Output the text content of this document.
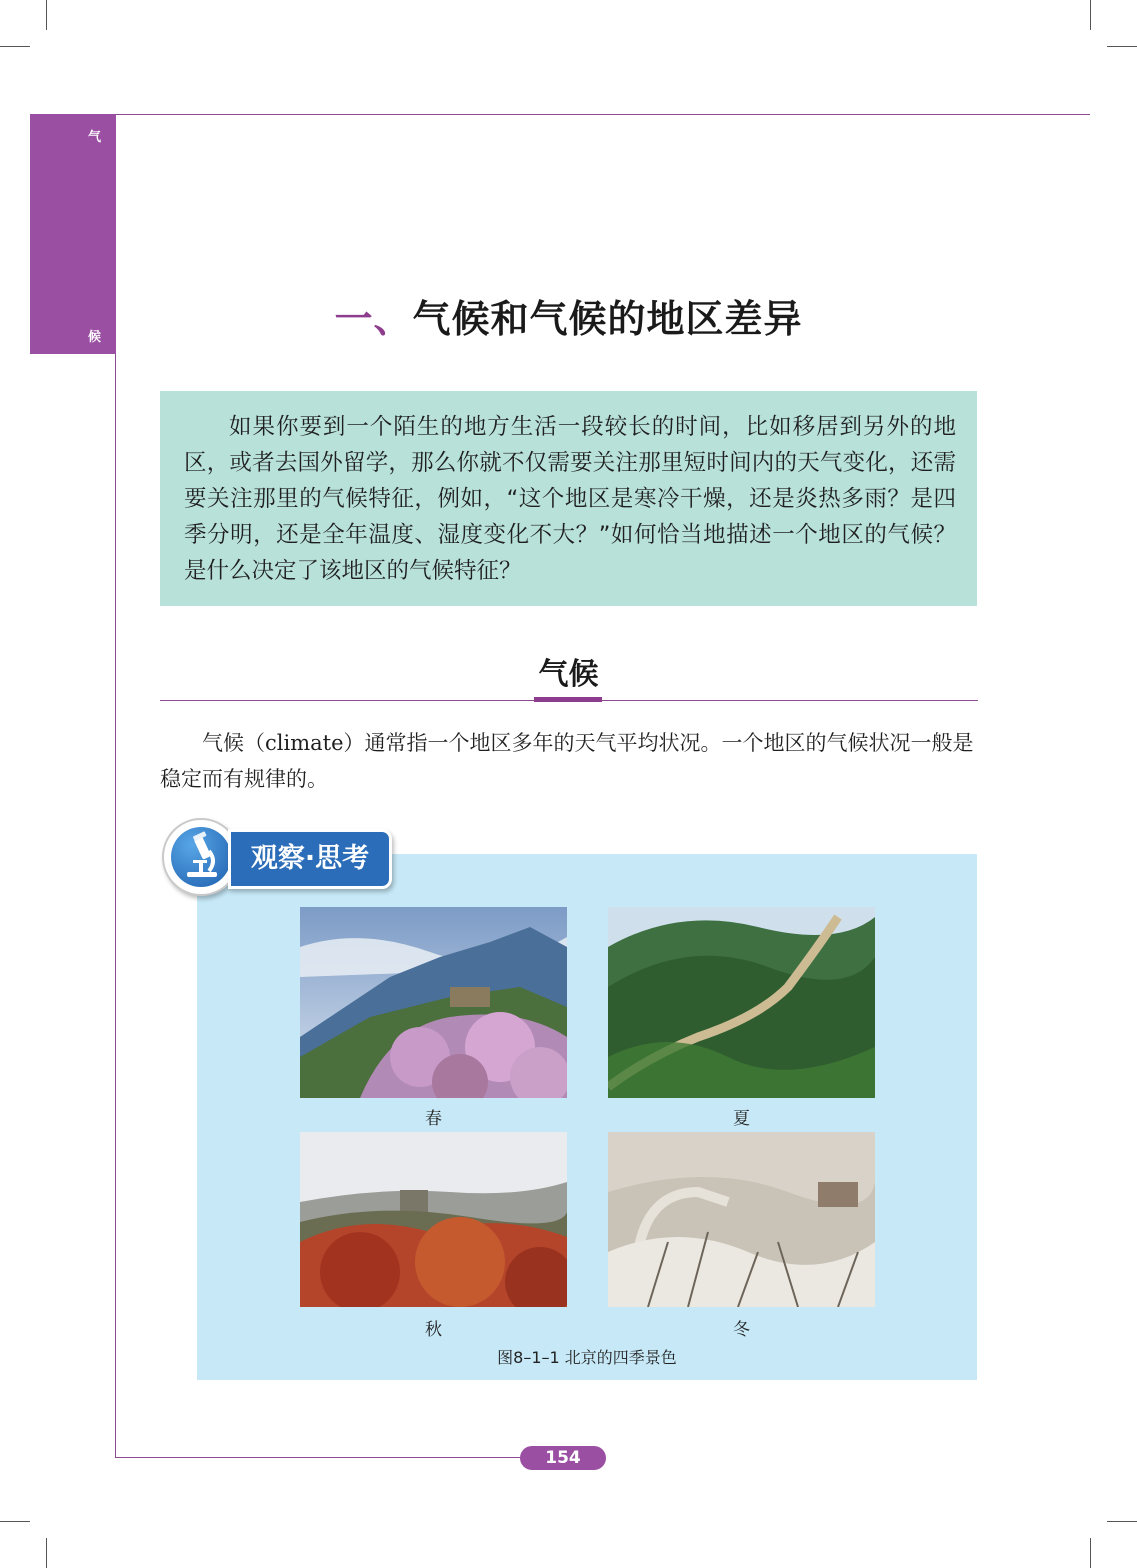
气
候	一、气候和气候的地区差异

如果你要到一个陌生的地方生活一段较长的时间，比如移居到另外的地区，或者去国外留学，那么你就不仅需要关注那里短时间内的天气变化，还需要关注那里的气候特征，例如，“这个地区是寒冷干燥，还是炎热多雨？是四季分明，还是全年温度、湿度变化不大？”如何恰当地描述一个地区的气候？是什么决定了该地区的气候特征？

气候

气候（climate）通常指一个地区多年的天气平均状况。一个地区的气候状况一般是稳定而有规律的。

观察·思考
春	夏
秋	冬
图8–1–1 北京的四季景色
154
